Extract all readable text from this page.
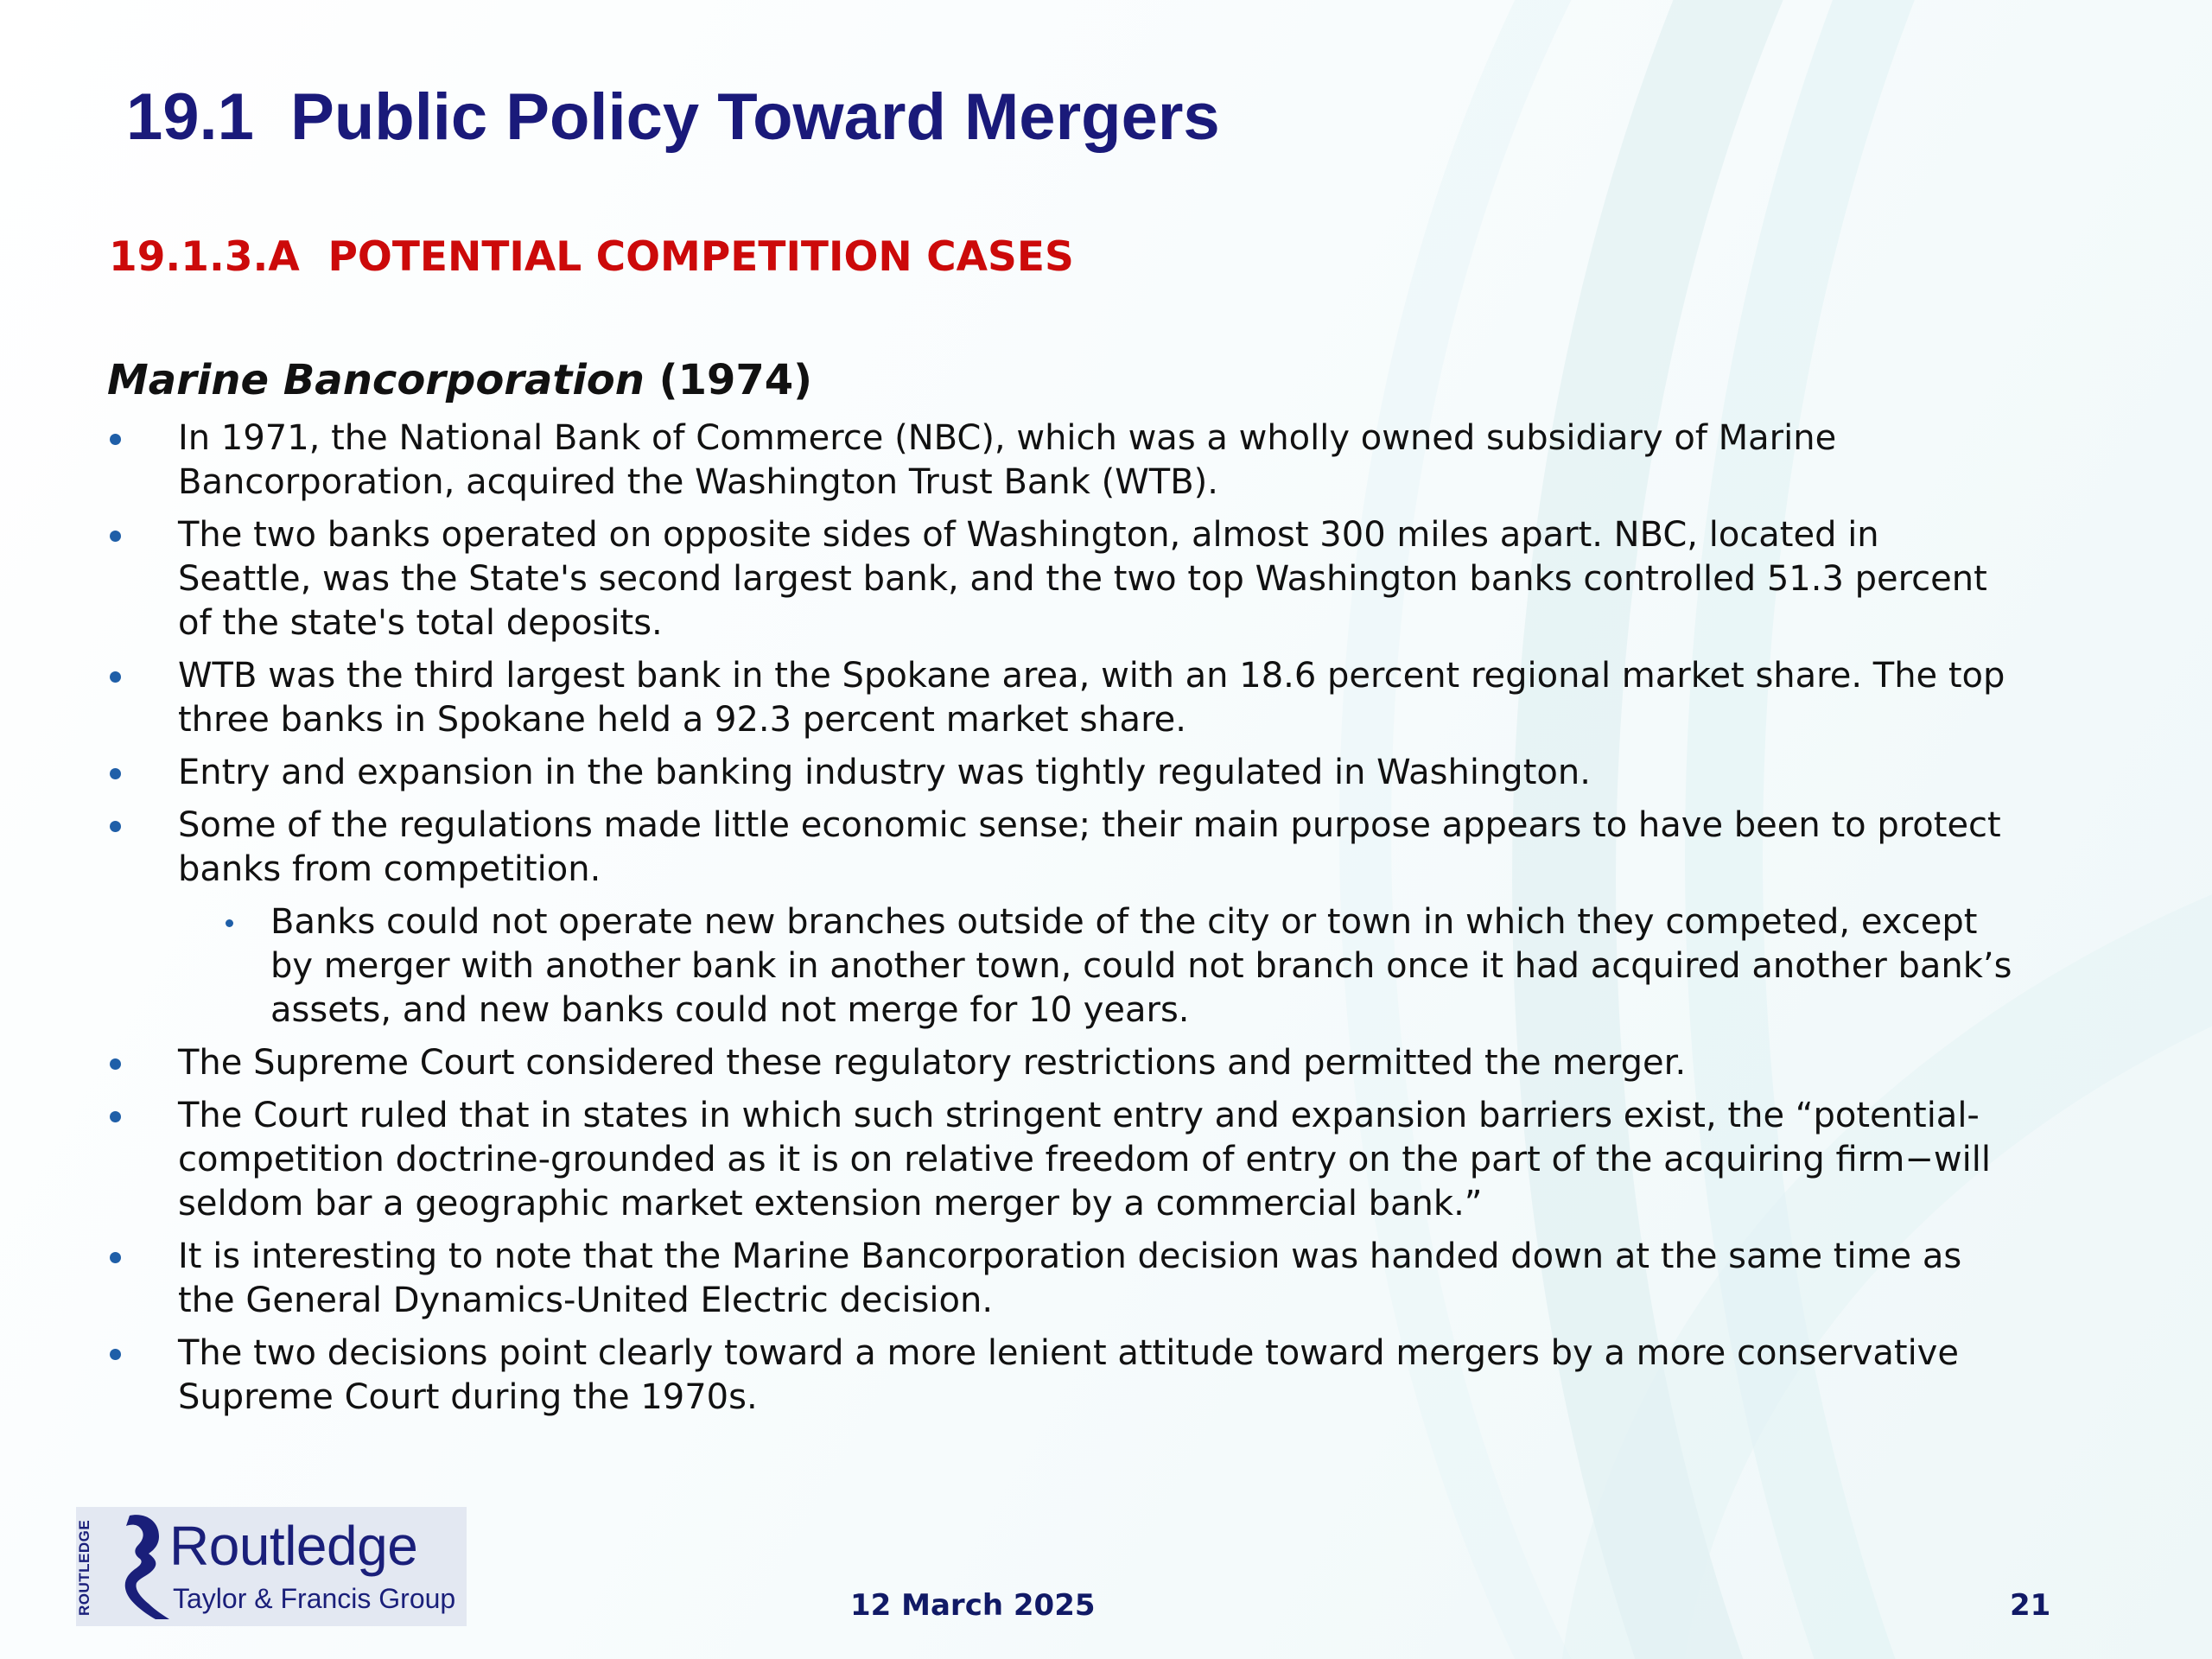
19.1  Public Policy Toward Mergers
19.1.3.A  POTENTIAL COMPETITION CASES
Marine Bancorporation (1974)
In 1971, the National Bank of Commerce (NBC), which was a wholly owned subsidiary of Marine Bancorporation, acquired the Washington Trust Bank (WTB).
The two banks operated on opposite sides of Washington, almost 300 miles apart. NBC, located in Seattle, was the State's second largest bank, and the two top Washington banks controlled 51.3 percent of the state's total deposits.
WTB was the third largest bank in the Spokane area, with an 18.6 percent regional market share. The top three banks in Spokane held a 92.3 percent market share.
Entry and expansion in the banking industry was tightly regulated in Washington.
Some of the regulations made little economic sense; their main purpose appears to have been to protect banks from competition.
Banks could not operate new branches outside of the city or town in which they competed, except by merger with another bank in another town, could not branch once it had acquired another bank’s assets, and new banks could not merge for 10 years.
The Supreme Court considered these regulatory restrictions and permitted the merger.
The Court ruled that in states in which such stringent entry and expansion barriers exist, the “potential-competition doctrine-grounded as it is on relative freedom of entry on the part of the acquiring firm−will seldom bar a geographic market extension merger by a commercial bank.”
It is interesting to note that the Marine Bancorporation decision was handed down at the same time as the General Dynamics-United Electric decision.
The two decisions point clearly toward a more lenient attitude toward mergers by a more conservative Supreme Court during the 1970s.
ROUTLEDGE Routledge
Taylor & Francis Group	12 March 2025	21
